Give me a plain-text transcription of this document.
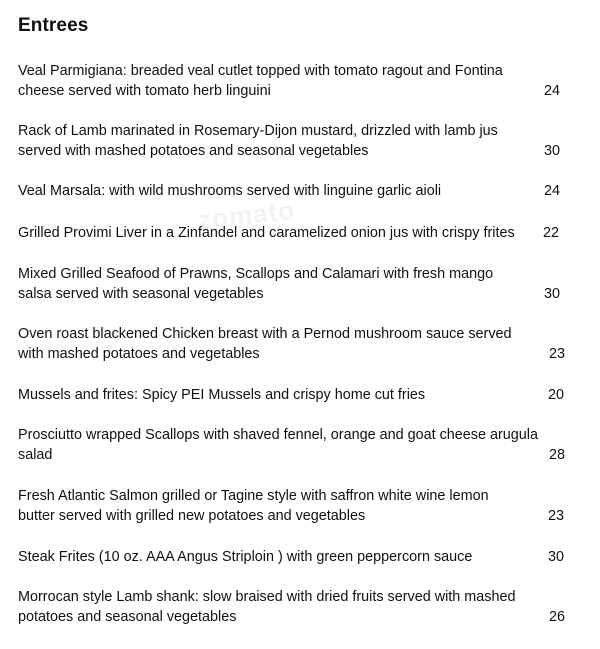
zomato
Entrees
Veal Parmigiana: breaded veal cutlet topped with tomato ragout and Fontina cheese served with tomato herb linguini	24
Rack of Lamb marinated in Rosemary-Dijon mustard, drizzled with lamb jus served with mashed potatoes and seasonal vegetables	30
Veal Marsala: with wild mushrooms served with linguine garlic aioli	24
Grilled Provimi Liver in a Zinfandel and caramelized onion jus with crispy frites	22
Mixed Grilled Seafood of Prawns, Scallops and Calamari with fresh mango salsa served with seasonal vegetables	30
Oven roast blackened Chicken breast with a Pernod mushroom sauce served with mashed potatoes and vegetables	23
Mussels and frites: Spicy PEI Mussels and crispy home cut fries	20
Prosciutto wrapped Scallops with shaved fennel, orange and goat cheese arugula salad	28
Fresh Atlantic Salmon grilled or Tagine style with saffron white wine lemon butter served with grilled new potatoes and vegetables	23
Steak Frites (10 oz. AAA Angus Striploin ) with green peppercorn sauce	30
Morrocan style Lamb shank: slow braised with dried fruits served with mashed potatoes and seasonal vegetables	26
